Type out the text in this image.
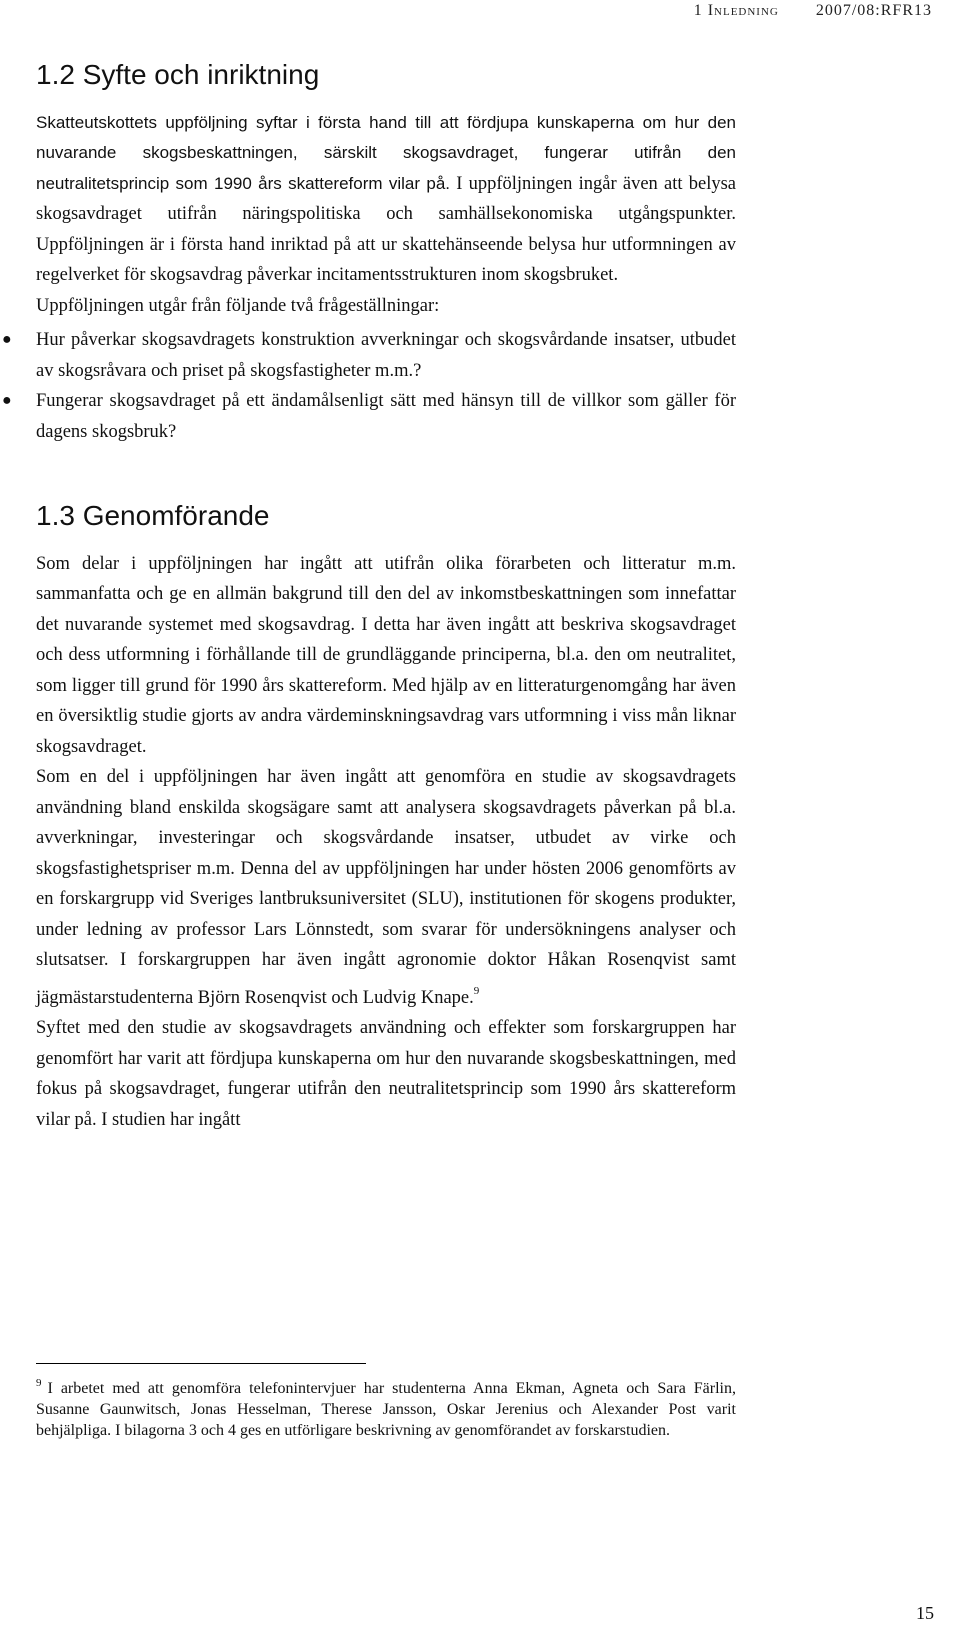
1 Inledning 2007/08:RFR13
1.2 Syfte och inriktning

Skatteutskottets uppföljning syftar i första hand till att fördjupa kunskaperna om hur den nuvarande skogsbeskattningen, särskilt skogsavdraget, fungerar utifrån den neutralitetsprincip som 1990 års skattereform vilar på. I uppföljningen ingår även att belysa skogsavdraget utifrån näringspolitiska och samhällsekonomiska utgångspunkter. Uppföljningen är i första hand inriktad på att ur skattehänseende belysa hur utformningen av regelverket för skogsavdrag påverkar incitamentsstrukturen inom skogsbruket.

Uppföljningen utgår från följande två frågeställningar:

● Hur påverkar skogsavdragets konstruktion avverkningar och skogsvårdande insatser, utbudet av skogsråvara och priset på skogsfastigheter m.m.?
● Fungerar skogsavdraget på ett ändamålsenligt sätt med hänsyn till de villkor som gäller för dagens skogsbruk?
1.3 Genomförande

Som delar i uppföljningen har ingått att utifrån olika förarbeten och litteratur m.m. sammanfatta och ge en allmän bakgrund till den del av inkomstbeskattningen som innefattar det nuvarande systemet med skogsavdrag. I detta har även ingått att beskriva skogsavdraget och dess utformning i förhållande till de grundläggande principerna, bl.a. den om neutralitet, som ligger till grund för 1990 års skattereform. Med hjälp av en litteraturgenomgång har även en översiktlig studie gjorts av andra värdeminskningsavdrag vars utformning i viss mån liknar skogsavdraget.

Som en del i uppföljningen har även ingått att genomföra en studie av skogsavdragets användning bland enskilda skogsägare samt att analysera skogsavdragets påverkan på bl.a. avverkningar, investeringar och skogsvårdande insatser, utbudet av virke och skogsfastighetspriser m.m. Denna del av uppföljningen har under hösten 2006 genomförts av en forskargrupp vid Sveriges lantbruksuniversitet (SLU), institutionen för skogens produkter, under ledning av professor Lars Lönnstedt, som svarar för undersökningens analyser och slutsatser. I forskargruppen har även ingått agronomie doktor Håkan Rosenqvist samt jägmästarstudenterna Björn Rosenqvist och Ludvig Knape.$^9$

Syftet med den studie av skogsavdragets användning och effekter som forskargruppen har genomfört har varit att fördjupa kunskaperna om hur den nuvarande skogsbeskattningen, med fokus på skogsavdraget, fungerar utifrån den neutralitetsprincip som 1990 års skattereform vilar på. I studien har ingått

$^9$ I arbetet med att genomföra telefonintervjuer har studenterna Anna Ekman, Agneta och Sara Färlin, Susanne Gaunwitsch, Jonas Hesselman, Therese Jansson, Oskar Jerenius och Alexander Post varit behjälpliga. I bilagorna 3 och 4 ges en utförligare beskrivning av genomförandet av forskarstudien.
15
